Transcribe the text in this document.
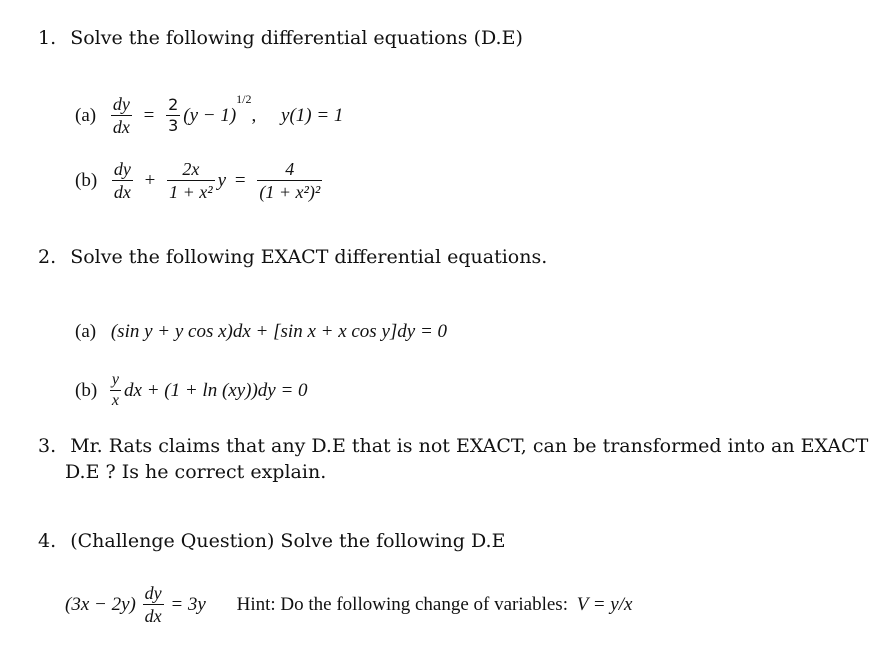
1. Solve the following differential equations (D.E)
$(a) \frac{dy}{dx} = \frac{2}{3} (y - 1)^{1/2}$, y(1) = 1
$(b) \frac{dy}{dx} + \frac{2x}{\text{1 + x²}}$ $y = \frac{4}{\text{(1 + x²)²}}$
2. Solve the following EXACT differential equations.
(a) (sin y + y cos x)dx + [sin x + x cos y]dy = 0
$(b) \frac{y}{x}$ dx + (1 + ln (xy))dy = 0
3. Mr. Rats claims that any D.E that is not EXACT, can be transformed into an EXACT
D.E ? Is he correct explain.
4. (Challenge Question) Solve the following D.E
$(3x - 2y) \frac{dy}{dx} = 3y$ Hint: Do the following change of variables: V = y/x
